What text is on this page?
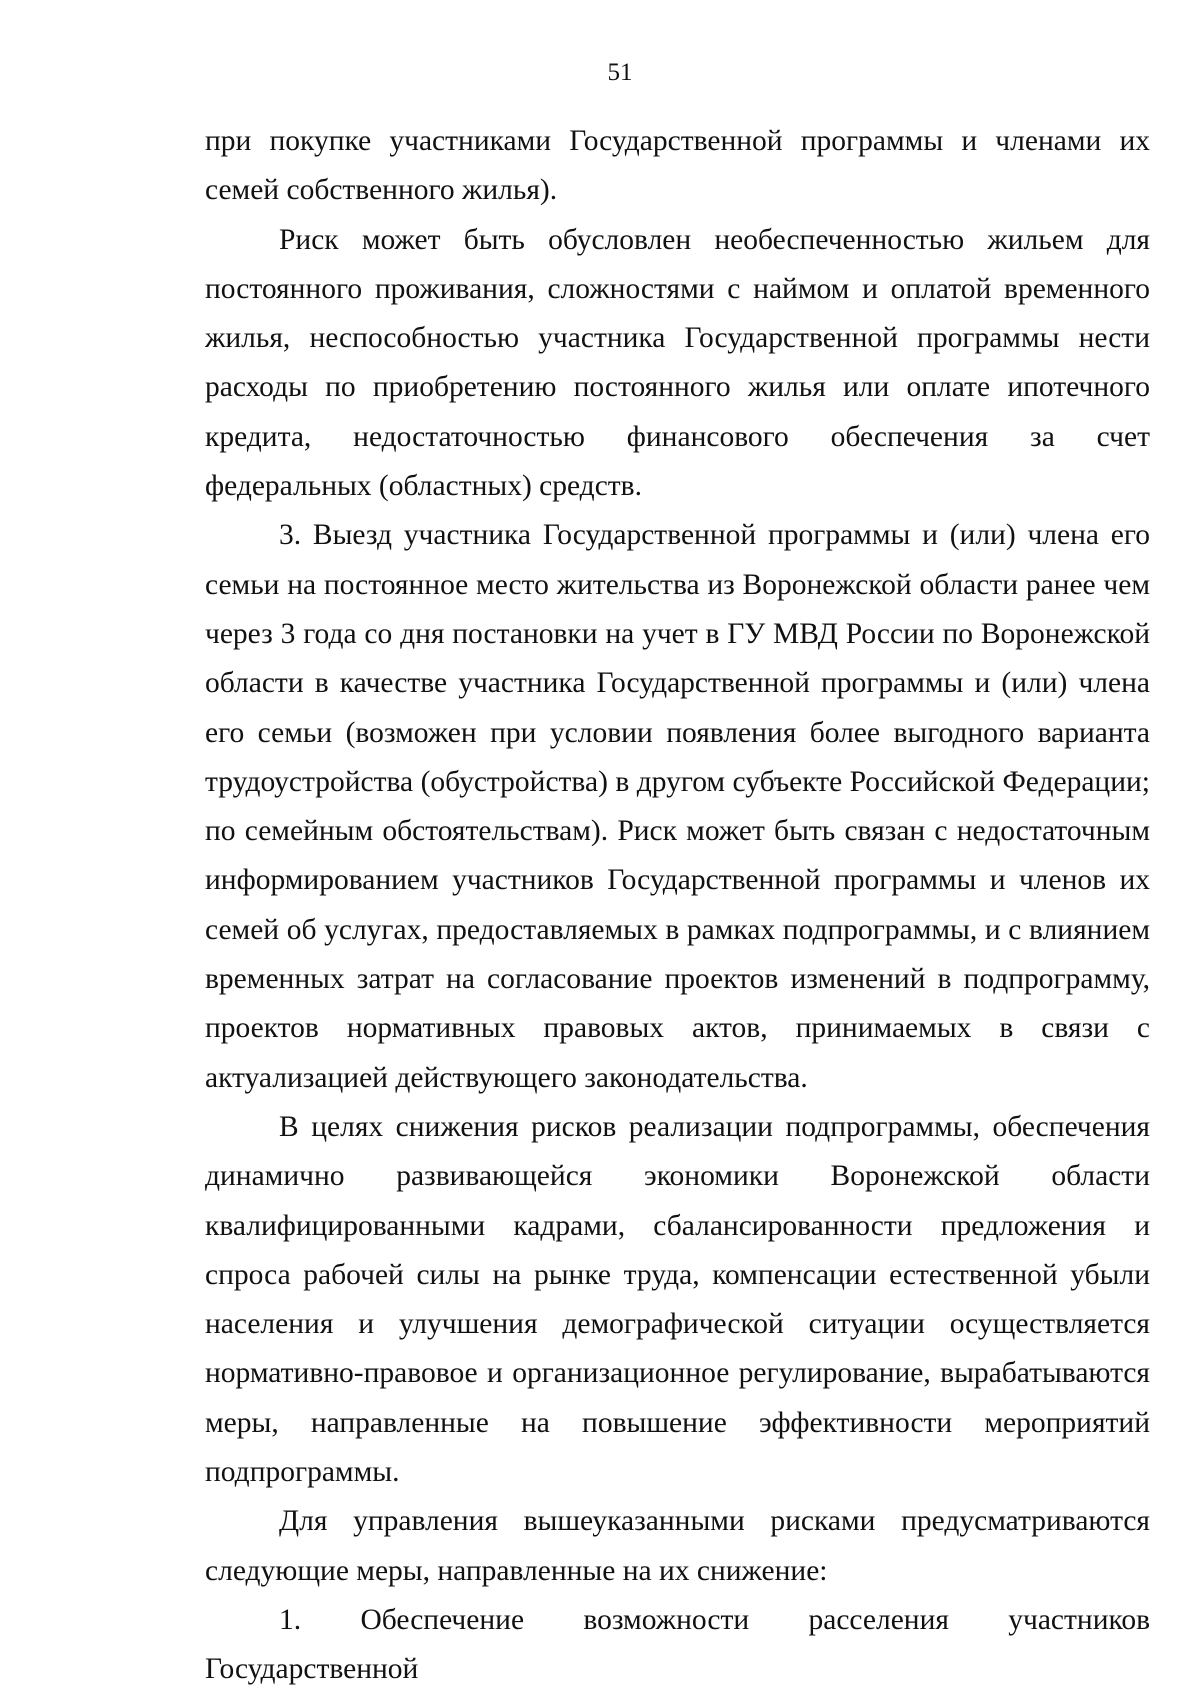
51

при покупке участниками Государственной программы и членами их семей собственного жилья).

Риск может быть обусловлен необеспеченностью жильем для постоянного проживания, сложностями с наймом и оплатой временного жилья, неспособностью участника Государственной программы нести расходы по приобретению постоянного жилья или оплате ипотечного кредита, недостаточностью финансового обеспечения за счет федеральных (областных) средств.

3. Выезд участника Государственной программы и (или) члена его семьи на постоянное место жительства из Воронежской области ранее чем через 3 года со дня постановки на учет в ГУ МВД России по Воронежской области в качестве участника Государственной программы и (или) члена его семьи (возможен при условии появления более выгодного варианта трудоустройства (обустройства) в другом субъекте Российской Федерации; по семейным обстоятельствам). Риск может быть связан с недостаточным информированием участников Государственной программы и членов их семей об услугах, предоставляемых в рамках подпрограммы, и с влиянием временных затрат на согласование проектов изменений в подпрограмму, проектов нормативных правовых актов, принимаемых в связи с актуализацией действующего законодательства.

В целях снижения рисков реализации подпрограммы, обеспечения динамично развивающейся экономики Воронежской области квалифицированными кадрами, сбалансированности предложения и спроса рабочей силы на рынке труда, компенсации естественной убыли населения и улучшения демографической ситуации осуществляется нормативно-правовое и организационное регулирование, вырабатываются меры, направленные на повышение эффективности мероприятий подпрограммы.

Для управления вышеуказанными рисками предусматриваются следующие меры, направленные на их снижение:

1. Обеспечение возможности расселения участников Государственной
